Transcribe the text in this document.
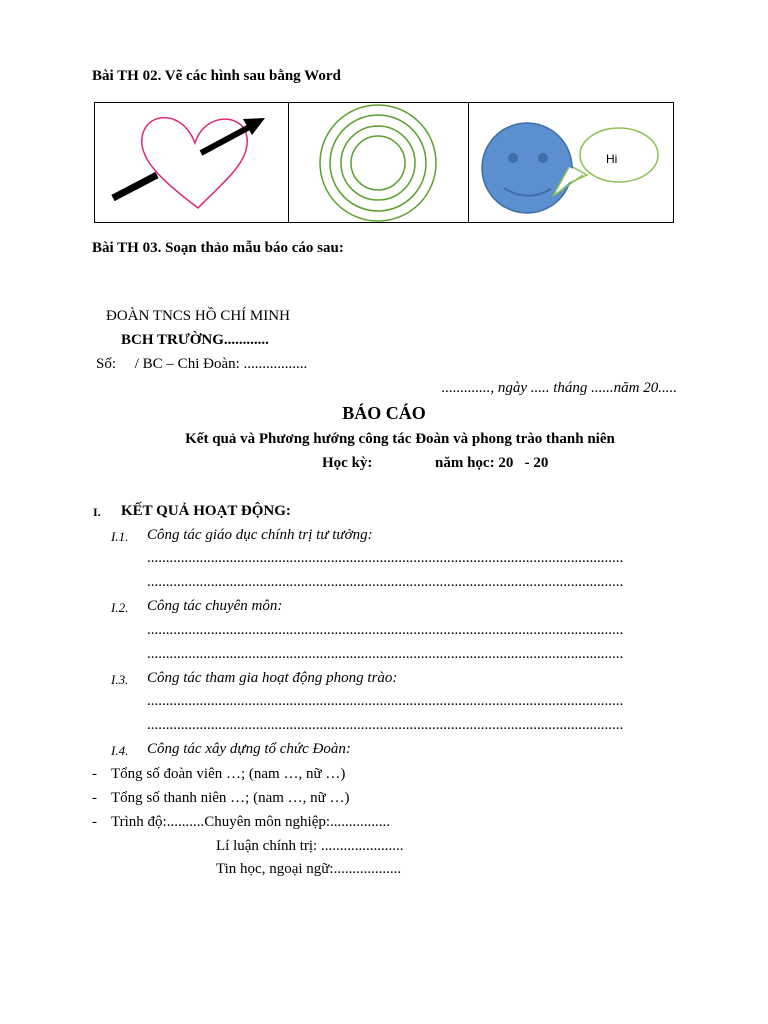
Bài TH 02. Vẽ các hình sau bằng Word
Hi
Bài TH 03. Soạn thảo mẫu báo cáo sau:
ĐOÀN TNCS HỒ CHÍ MINH
BCH TRƯỜNG............
Số:     / BC – Chi Đoàn: .................
............., ngày ..... tháng ......năm 20.....
BÁO CÁO
Kết quả và Phương hướng công tác Đoàn và phong trào thanh niên
Học kỳ:	năm học: 20   - 20
I. KẾT QUẢ HOẠT ĐỘNG:
I.1. Công tác giáo dục chính trị tư tưởng:
...............................................................................................................................
...............................................................................................................................
I.2. Công tác chuyên môn:
...............................................................................................................................
...............................................................................................................................
I.3. Công tác tham gia hoạt động phong trào:
...............................................................................................................................
...............................................................................................................................
I.4. Công tác xây dựng tổ chức Đoàn:
- Tổng số đoàn viên …; (nam …, nữ …)
- Tổng số thanh niên …; (nam …, nữ …)
- Trình độ:..........Chuyên môn nghiệp:................
Lí luận chính trị: ......................
Tin học, ngoại ngữ:..................
